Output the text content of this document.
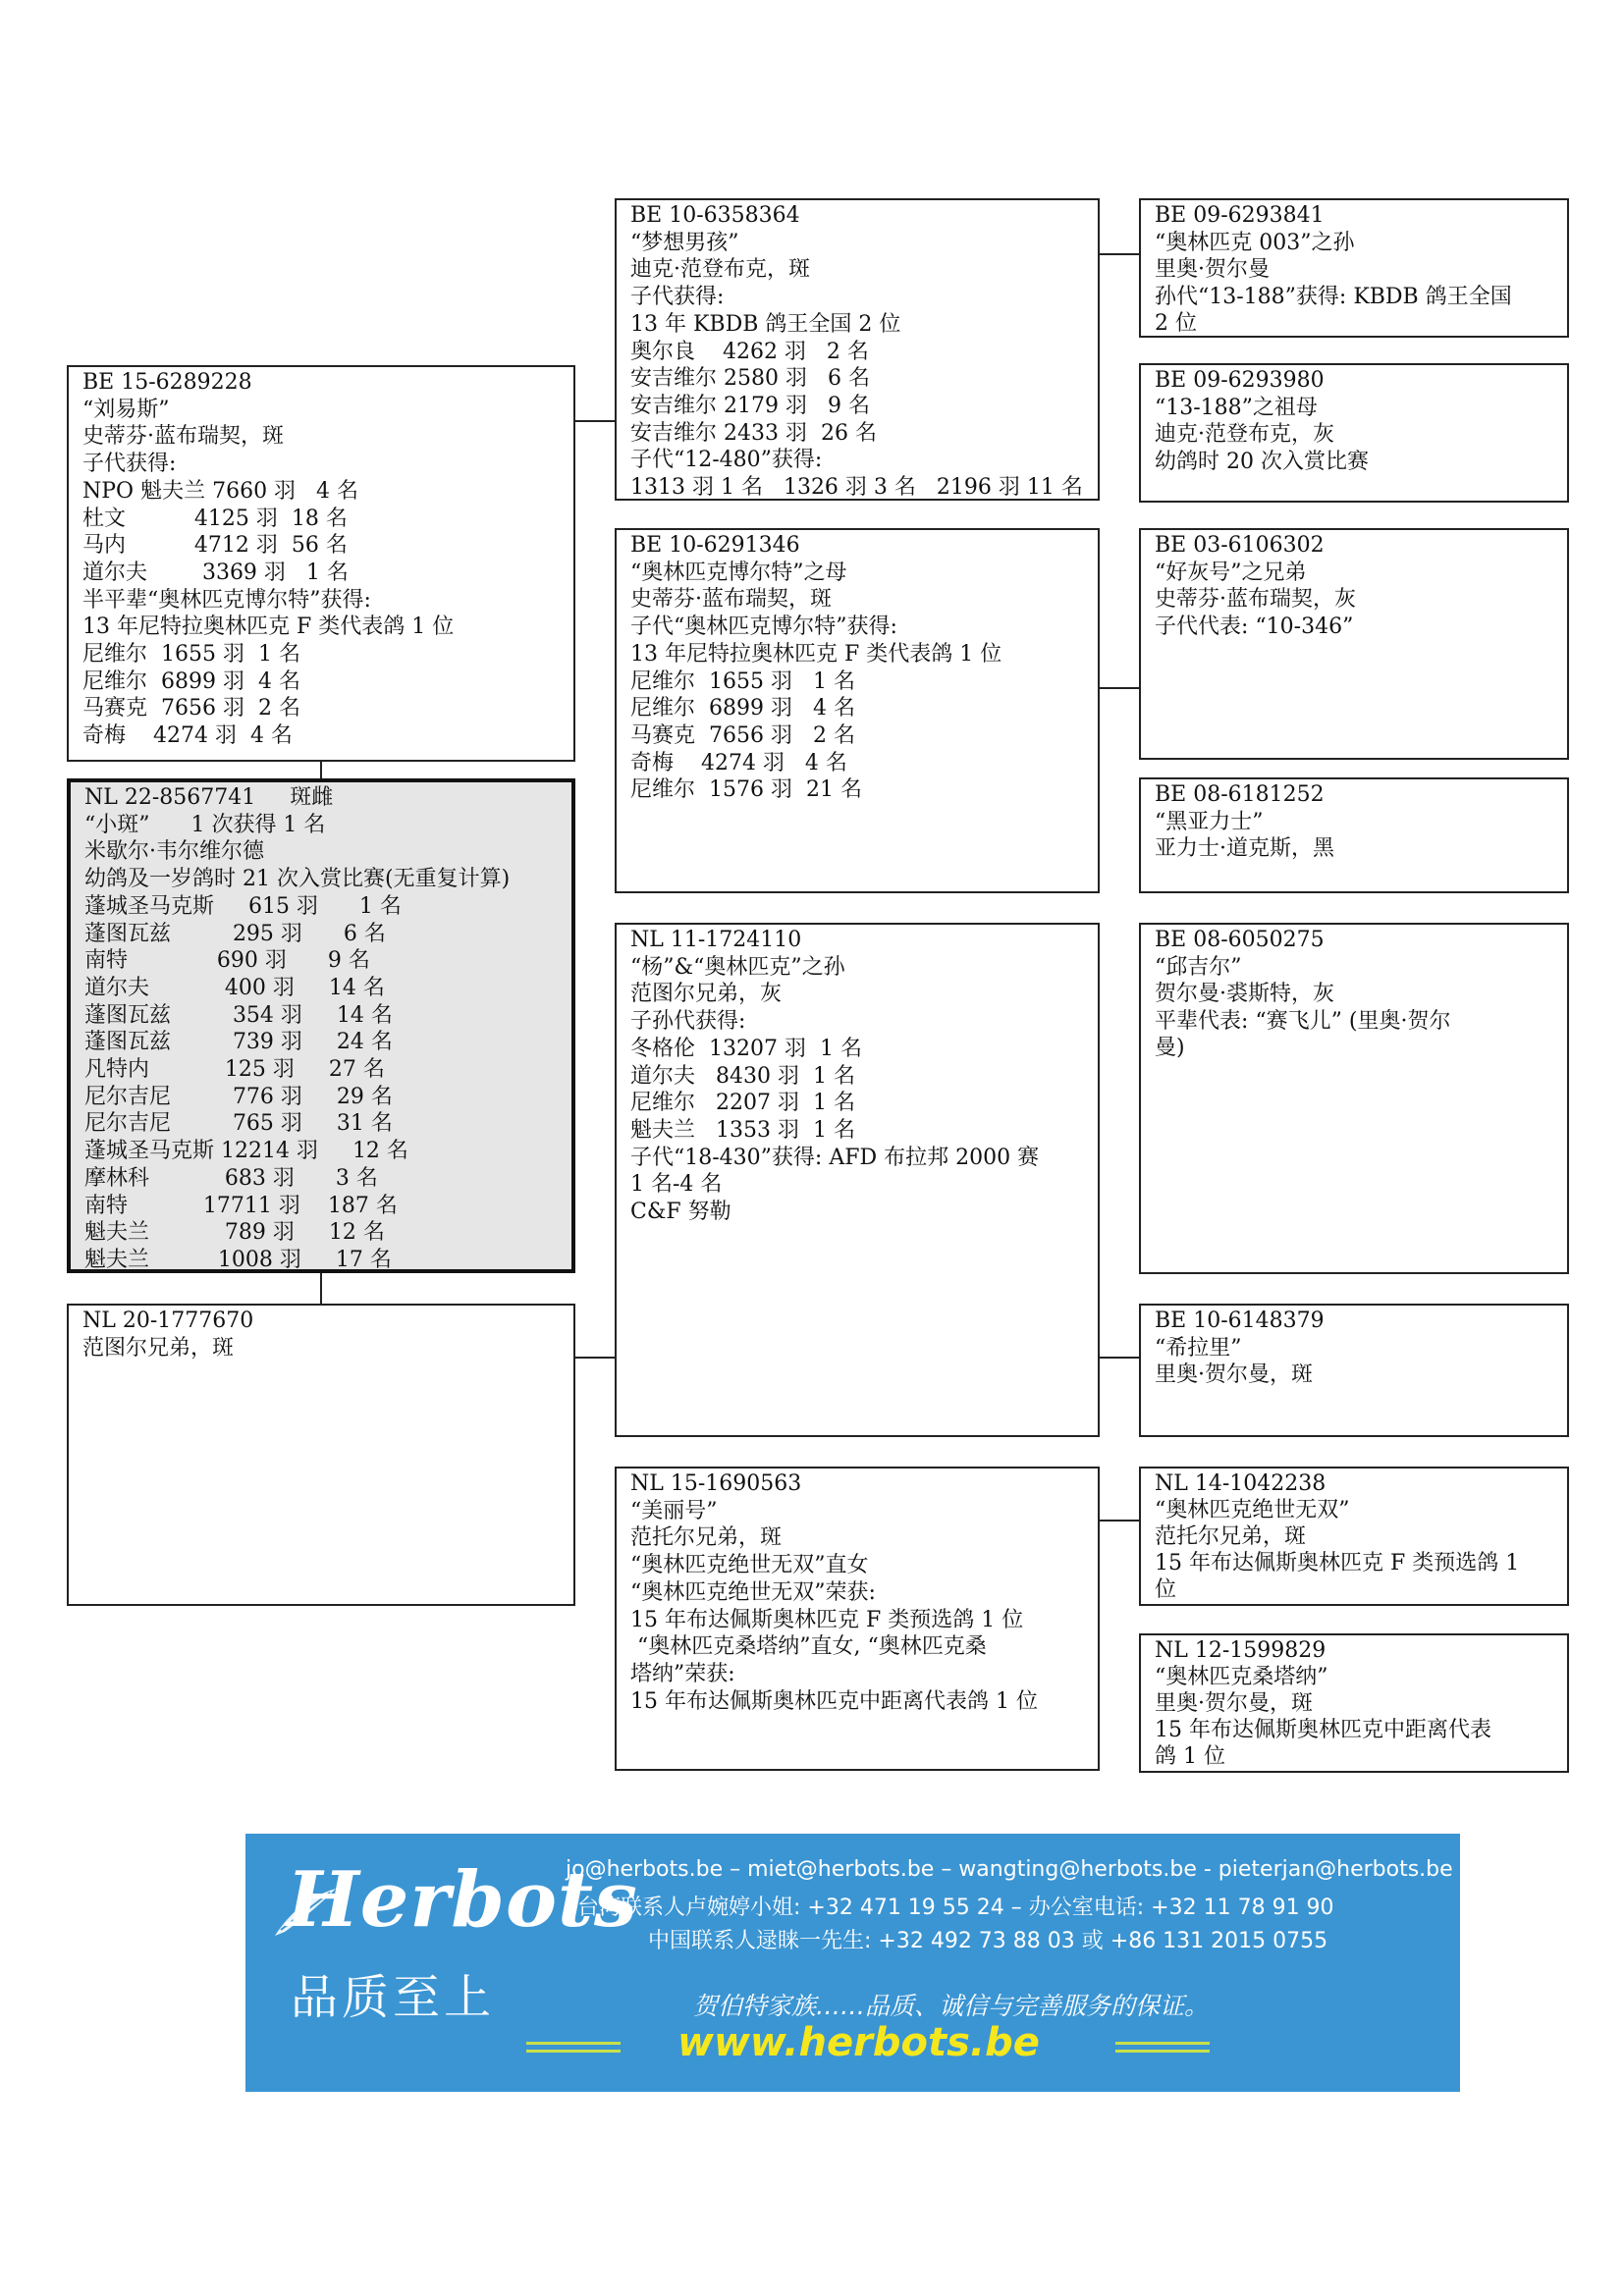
BE 10-6358364
“梦想男孩”
迪克·范登布克，斑
子代获得:
13 年 KBDB 鸽王全国 2 位
奥尔良    4262 羽   2 名
安吉维尔 2580 羽   6 名
安吉维尔 2179 羽   9 名
安吉维尔 2433 羽  26 名
子代“12-480”获得:
1313 羽 1 名   1326 羽 3 名   2196 羽 11 名
BE 09-6293841
“奥林匹克 003”之孙
里奥·贺尔曼
孙代“13-188”获得: KBDB 鸽王全国
2 位
BE 09-6293980
“13-188”之祖母
迪克·范登布克，灰
幼鸽时 20 次入赏比赛
BE 15-6289228
“刘易斯”
史蒂芬·蓝布瑞契，斑
子代获得:
NPO 魁夫兰 7660 羽   4 名
杜文          4125 羽  18 名
马内          4712 羽  56 名
道尔夫        3369 羽   1 名
半平辈“奥林匹克博尔特”获得:
13 年尼特拉奥林匹克 F 类代表鸽 1 位
尼维尔  1655 羽  1 名
尼维尔  6899 羽  4 名
马赛克  7656 羽  2 名
奇梅    4274 羽  4 名
BE 10-6291346
“奥林匹克博尔特”之母
史蒂芬·蓝布瑞契，斑
子代“奥林匹克博尔特”获得:
13 年尼特拉奥林匹克 F 类代表鸽 1 位
尼维尔  1655 羽   1 名
尼维尔  6899 羽   4 名
马赛克  7656 羽   2 名
奇梅    4274 羽   4 名
尼维尔  1576 羽  21 名
BE 03-6106302
“好灰号”之兄弟
史蒂芬·蓝布瑞契，灰
子代代表: “10-346”
BE 08-6181252
“黑亚力士”
亚力士·道克斯，黑
NL 22-8567741     斑雌
“小斑”      1 次获得 1 名
米歇尔·韦尔维尔德
幼鸽及一岁鸽时 21 次入赏比赛(无重复计算)
蓬城圣马克斯     615 羽      1 名
蓬图瓦兹         295 羽      6 名
南特             690 羽      9 名
道尔夫           400 羽     14 名
蓬图瓦兹         354 羽     14 名
蓬图瓦兹         739 羽     24 名
凡特内           125 羽     27 名
尼尔吉尼         776 羽     29 名
尼尔吉尼         765 羽     31 名
蓬城圣马克斯 12214 羽     12 名
摩林科           683 羽      3 名
南特           17711 羽    187 名
魁夫兰           789 羽     12 名
魁夫兰          1008 羽     17 名
NL 11-1724110
“杨”&“奥林匹克”之孙
范图尔兄弟，灰
子孙代获得:
冬格伦  13207 羽  1 名
道尔夫   8430 羽  1 名
尼维尔   2207 羽  1 名
魁夫兰   1353 羽  1 名
子代“18-430”获得: AFD 布拉邦 2000 赛
1 名-4 名
C&F 努勒
BE 08-6050275
“邱吉尔”
贺尔曼·裘斯特，灰
平辈代表: “赛飞儿” (里奥·贺尔
曼)
NL 20-1777670
范图尔兄弟，斑
BE 10-6148379
“希拉里”
里奥·贺尔曼，斑
NL 15-1690563
“美丽号”
范托尔兄弟，斑
“奥林匹克绝世无双”直女
“奥林匹克绝世无双”荣获:
15 年布达佩斯奥林匹克 F 类预选鸽 1 位
“奥林匹克桑塔纳”直女, “奥林匹克桑
塔纳”荣获:
15 年布达佩斯奥林匹克中距离代表鸽 1 位
NL 14-1042238
“奥林匹克绝世无双”
范托尔兄弟，斑
15 年布达佩斯奥林匹克 F 类预选鸽 1
位
NL 12-1599829
“奥林匹克桑塔纳”
里奥·贺尔曼，斑
15 年布达佩斯奥林匹克中距离代表
鸽 1 位
Herbots
品质至上
jo@herbots.be – miet@herbots.be – wangting@herbots.be - pieterjan@herbots.be
台湾联系人卢婉婷小姐: +32 471 19 55 24 – 办公室电话: +32 11 78 91 90
中国联系人逯睐一先生: +32 492 73 88 03 或 +86 131 2015 0755
贺伯特家族……品质、诚信与完善服务的保证。
www.herbots.be
